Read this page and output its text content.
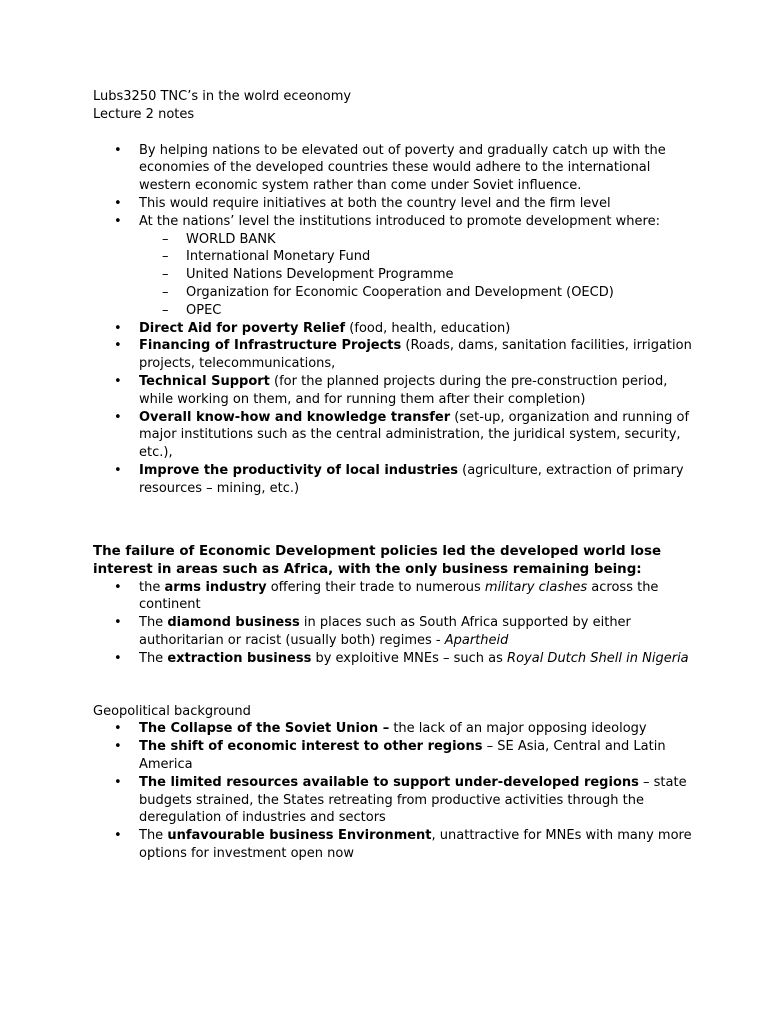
Lubs3250 TNC’s in the wolrd eceonomy

Lecture 2 notes

• By helping nations to be elevated out of poverty and gradually catch up with the economies of the developed countries these would adhere to the international western economic system rather than come under Soviet influence.
• This would require initiatives at both the country level and the firm level
• At the nations’ level the institutions introduced to promote development where:
– WORLD BANK
– International Monetary Fund
– United Nations Development Programme
– Organization for Economic Cooperation and Development (OECD)
– OPEC
• Direct Aid for poverty Relief (food, health, education)
• Financing of Infrastructure Projects (Roads, dams, sanitation facilities, irrigation projects, telecommunications,
• Technical Support (for the planned projects during the pre-construction period, while working on them, and for running them after their completion)
• Overall know-how and knowledge transfer (set-up, organization and running of major institutions such as the central administration, the juridical system, security, etc.),
• Improve the productivity of local industries (agriculture, extraction of primary resources – mining, etc.)

The failure of Economic Development policies led the developed world lose interest in areas such as Africa, with the only business remaining being:

• the arms industry offering their trade to numerous military clashes across the continent
• The diamond business in places such as South Africa supported by either authoritarian or racist (usually both) regimes - Apartheid
• The extraction business by exploitive MNEs – such as Royal Dutch Shell in Nigeria

Geopolitical background

• The Collapse of the Soviet Union – the lack of an major opposing ideology
• The shift of economic interest to other regions – SE Asia, Central and Latin America
• The limited resources available to support under-developed regions – state budgets strained, the States retreating from productive activities through the deregulation of industries and sectors
• The unfavourable business Environment, unattractive for MNEs with many more options for investment open now
